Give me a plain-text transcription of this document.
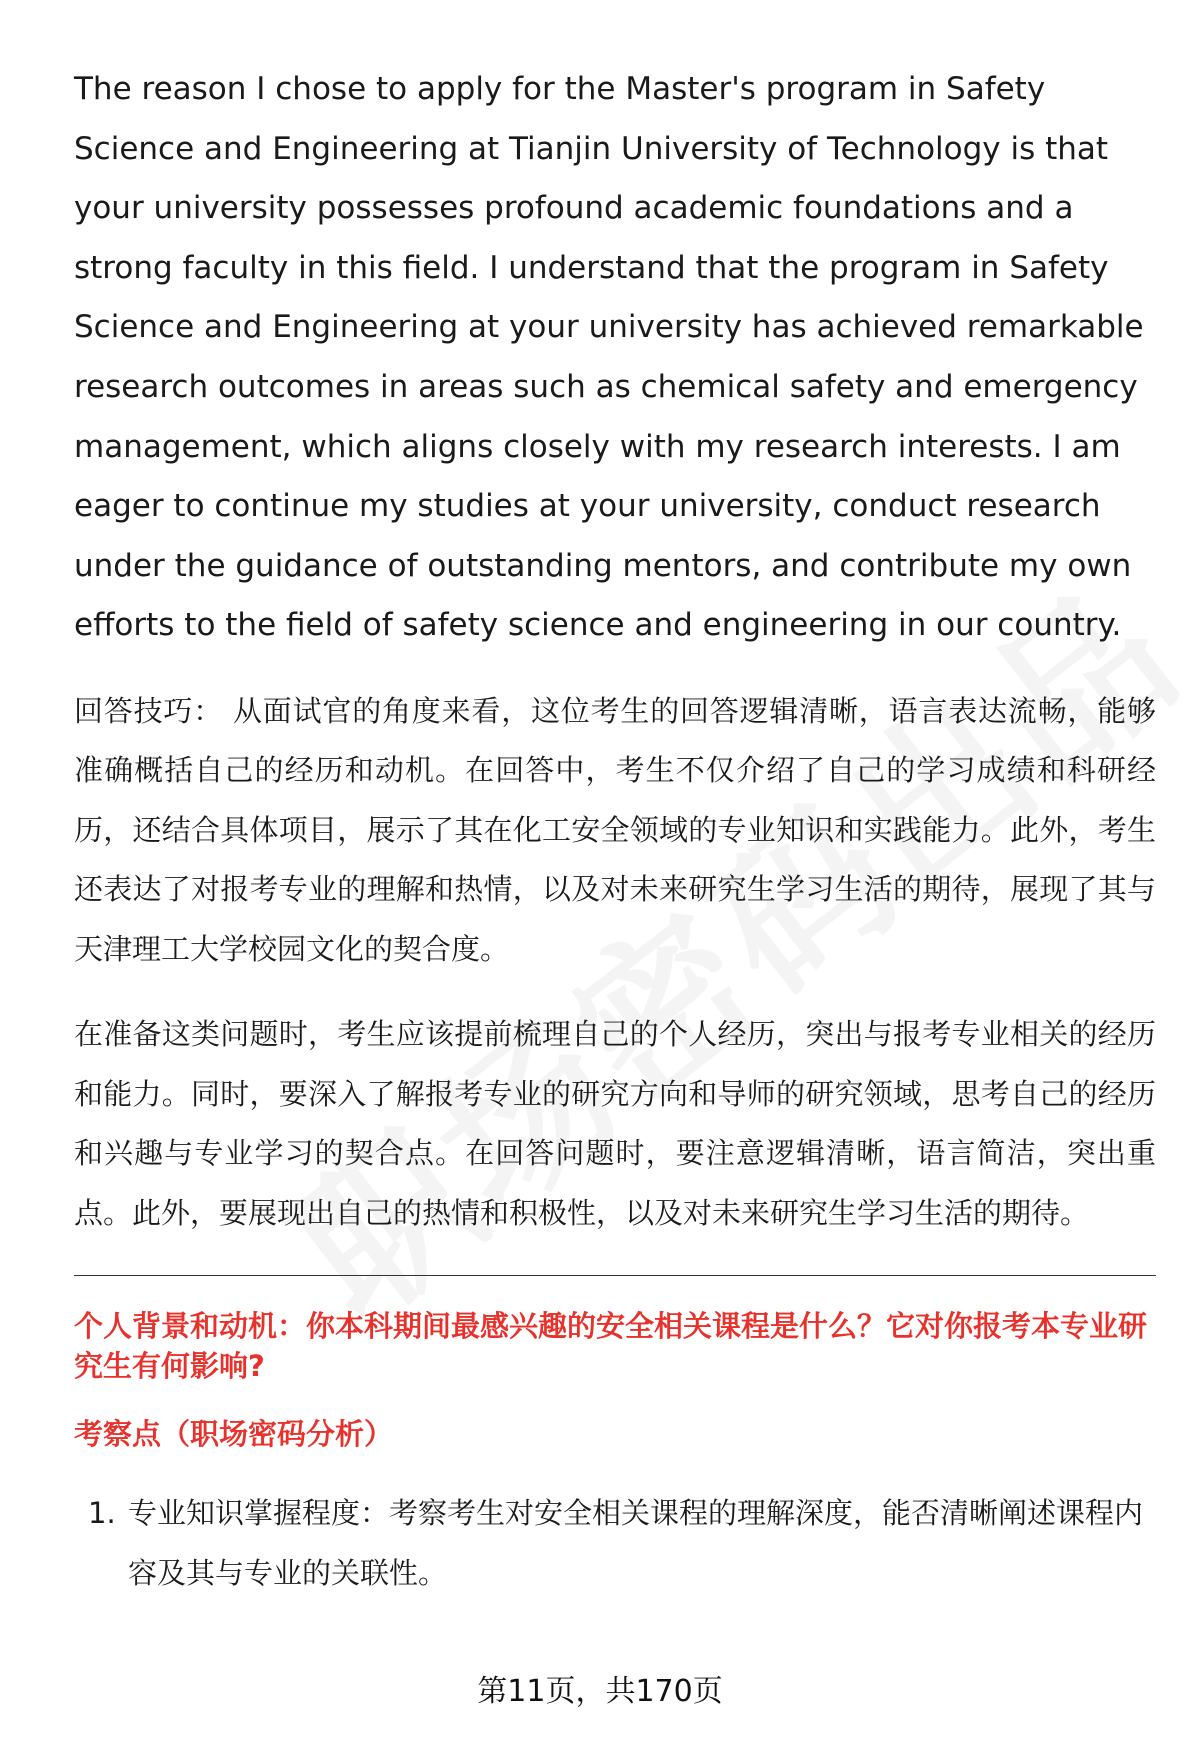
The reason I chose to apply for the Master's program in Safety Science and Engineering at Tianjin University of Technology is that your university possesses profound academic foundations and a strong faculty in this field. I understand that the program in Safety Science and Engineering at your university has achieved remarkable research outcomes in areas such as chemical safety and emergency management, which aligns closely with my research interests. I am eager to continue my studies at your university, conduct research under the guidance of outstanding mentors, and contribute my own efforts to the field of safety science and engineering in our country.

回答技巧： 从面试官的角度来看，这位考生的回答逻辑清晰，语言表达流畅，能够准确概括自己的经历和动机。在回答中，考生不仅介绍了自己的学习成绩和科研经历，还结合具体项目，展示了其在化工安全领域的专业知识和实践能力。此外，考生还表达了对报考专业的理解和热情，以及对未来研究生学习生活的期待，展现了其与天津理工大学校园文化的契合度。

在准备这类问题时，考生应该提前梳理自己的个人经历，突出与报考专业相关的经历和能力。同时，要深入了解报考专业的研究方向和导师的研究领域，思考自己的经历和兴趣与专业学习的契合点。在回答问题时，要注意逻辑清晰，语言简洁，突出重点。此外，要展现出自己的热情和积极性，以及对未来研究生学习生活的期待。

个人背景和动机：你本科期间最感兴趣的安全相关课程是什么？它对你报考本专业研究生有何影响?
考察点（职场密码分析）
1. 专业知识掌握程度：考察考生对安全相关课程的理解深度，能否清晰阐述课程内容及其与专业的关联性。
第11页，共170页
